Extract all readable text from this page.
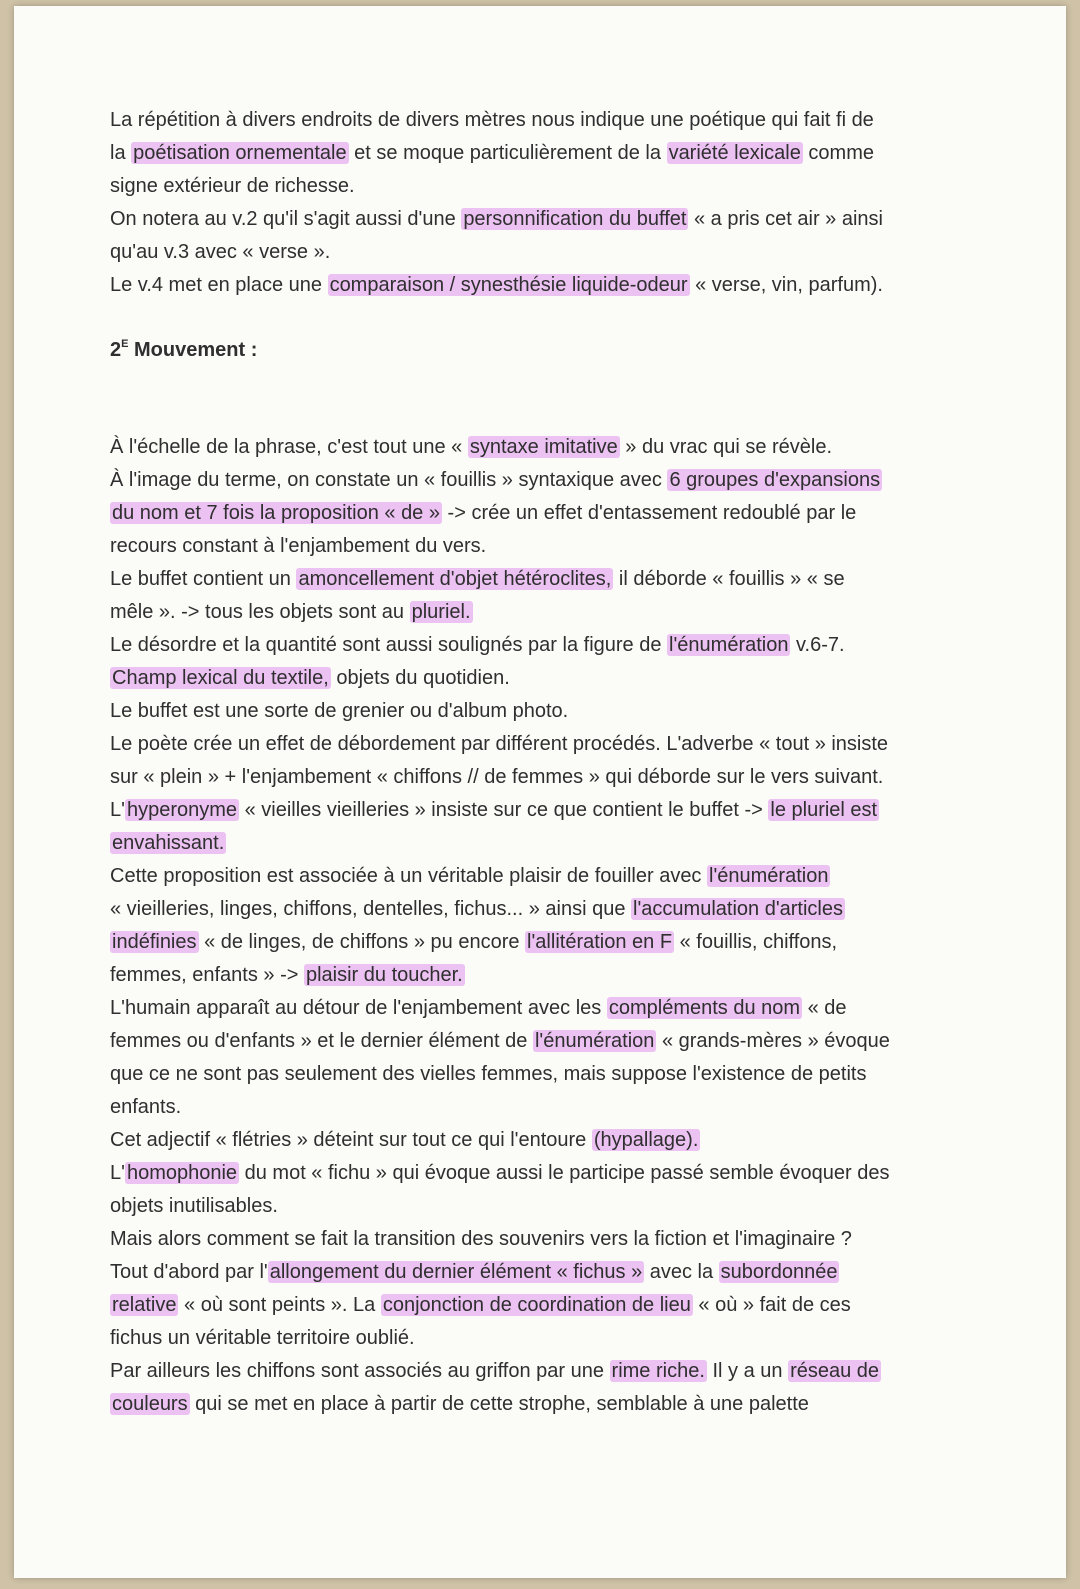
La répétition à divers endroits de divers mètres nous indique une poétique qui fait fi de

la poétisation ornementale et se moque particulièrement de la variété lexicale comme

signe extérieur de richesse.

On notera au v.2 qu'il s'agit aussi d'une personnification du buffet « a pris cet air » ainsi

qu'au v.3 avec « verse ».

Le v.4 met en place une comparaison / synesthésie liquide-odeur « verse, vin, parfum).

$2^E$ Mouvement :

À l'échelle de la phrase, c'est tout une « syntaxe imitative » du vrac qui se révèle.

À l'image du terme, on constate un « fouillis » syntaxique avec 6 groupes d'expansions

du nom et 7 fois la proposition « de » -> crée un effet d'entassement redoublé par le

recours constant à l'enjambement du vers.

Le buffet contient un amoncellement d'objet hétéroclites, il déborde « fouillis » « se

mêle ». -> tous les objets sont au pluriel.

Le désordre et la quantité sont aussi soulignés par la figure de l'énumération v.6-7.

Champ lexical du textile, objets du quotidien.

Le buffet est une sorte de grenier ou d'album photo.

Le poète crée un effet de débordement par différent procédés. L'adverbe « tout » insiste

sur « plein » + l'enjambement « chiffons // de femmes » qui déborde sur le vers suivant.

L' hyperonyme « vieilles vieilleries » insiste sur ce que contient le buffet -> le pluriel est

envahissant.

Cette proposition est associée à un véritable plaisir de fouiller avec l'énumération

« vieilleries, linges, chiffons, dentelles, fichus... » ainsi que l'accumulation d'articles

indéfinies « de linges, de chiffons » pu encore l'allitération en F « fouillis, chiffons,

femmes, enfants » -> plaisir du toucher.

L'humain apparaît au détour de l'enjambement avec les compléments du nom « de

femmes ou d'enfants » et le dernier élément de l'énumération « grands-mères » évoque

que ce ne sont pas seulement des vielles femmes, mais suppose l'existence de petits

enfants.

Cet adjectif « flétries » déteint sur tout ce qui l'entoure (hypallage).

L' homophonie du mot « fichu » qui évoque aussi le participe passé semble évoquer des

objets inutilisables.

Mais alors comment se fait la transition des souvenirs vers la fiction et l'imaginaire ?

Tout d'abord par l' allongement du dernier élément « fichus » avec la subordonnée

relative « où sont peints ». La conjonction de coordination de lieu « où » fait de ces

fichus un véritable territoire oublié.

Par ailleurs les chiffons sont associés au griffon par une rime riche. Il y a un réseau de

couleurs qui se met en place à partir de cette strophe, semblable à une palette
